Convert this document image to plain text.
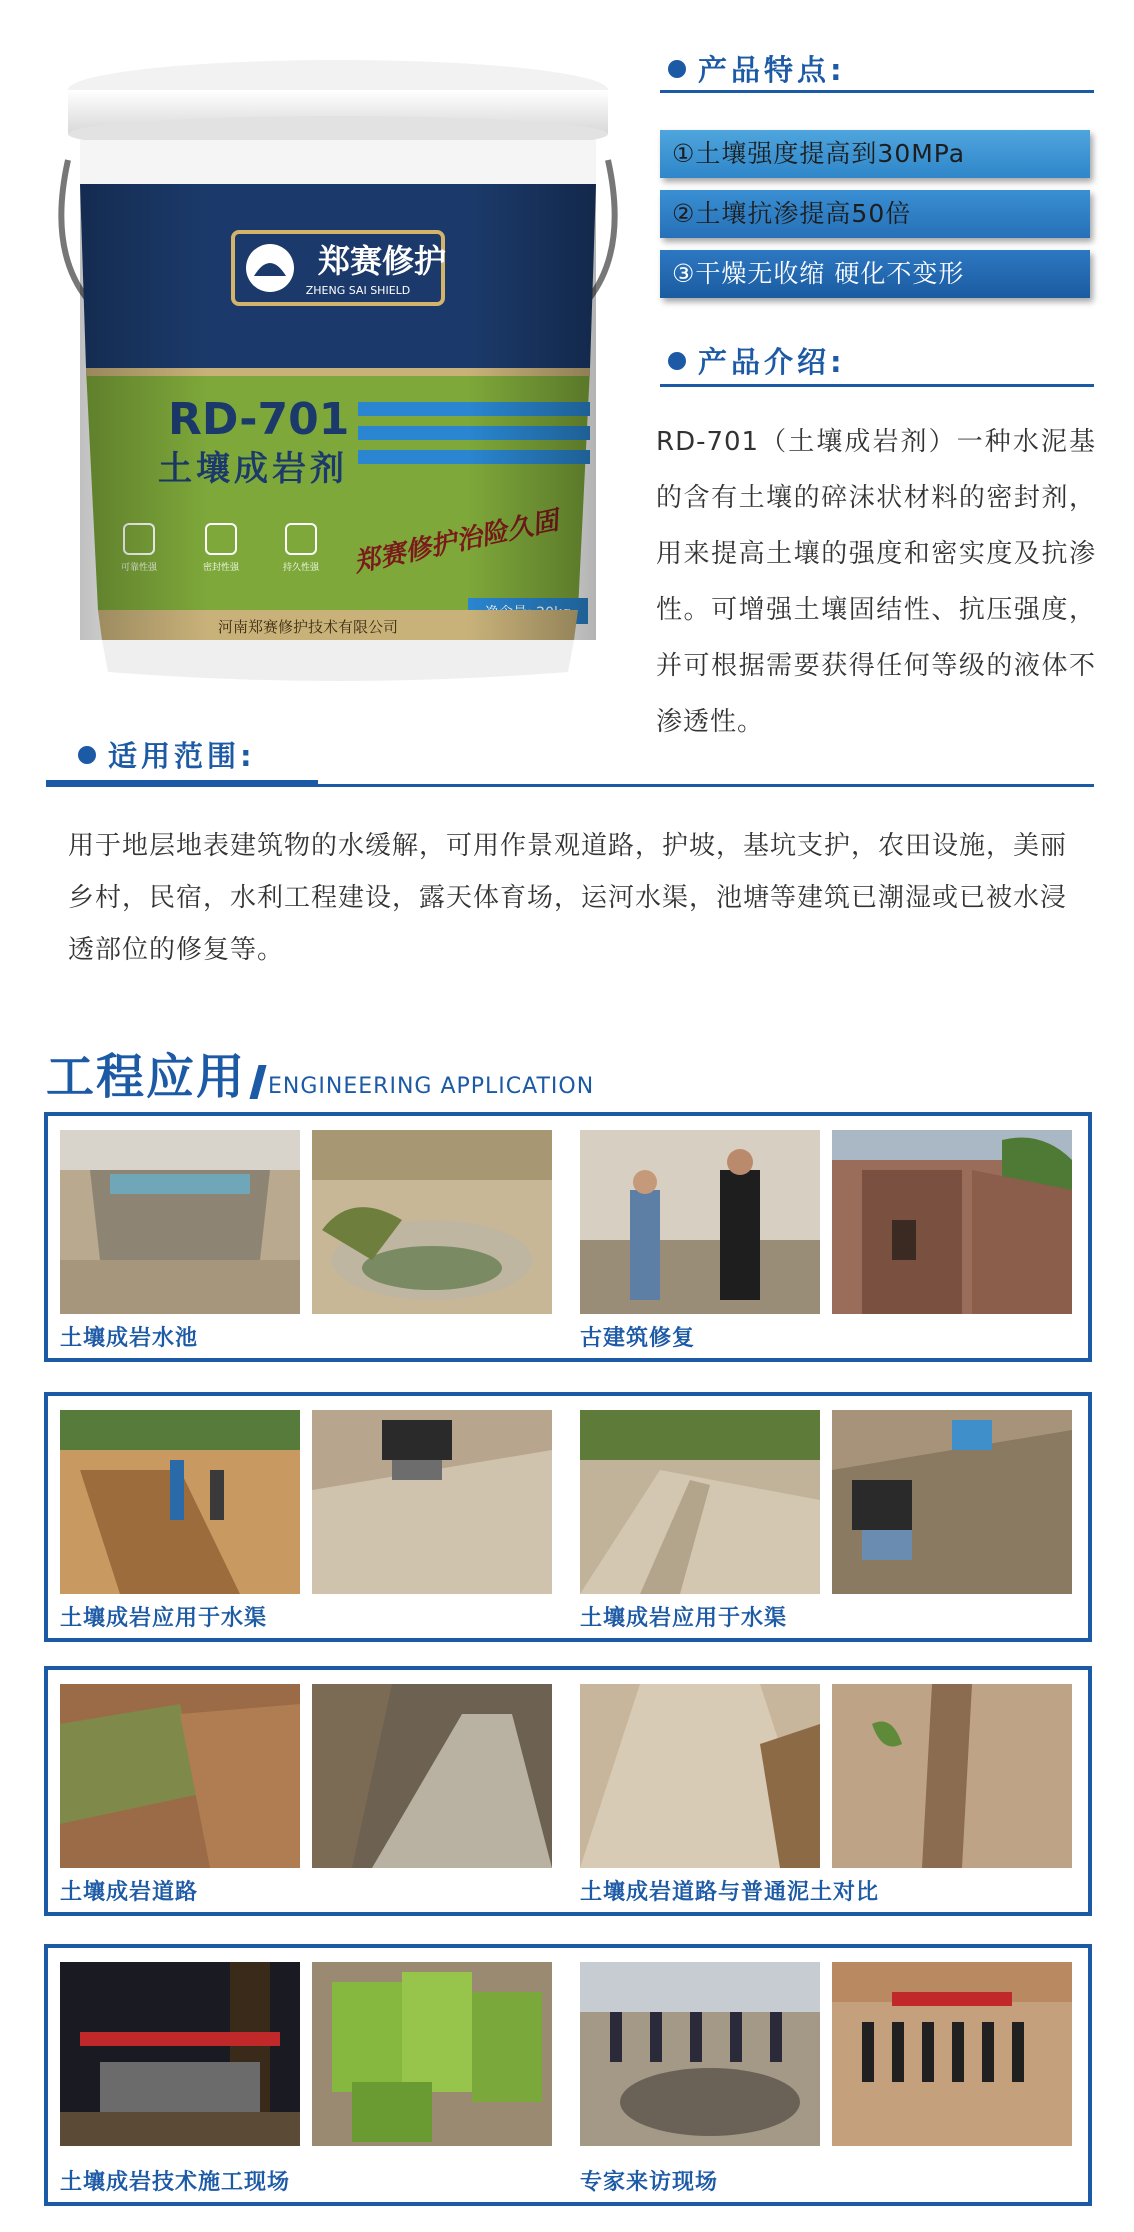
产品特点:
①土壤强度提高到30MPa
②土壤抗渗提高50倍
③干燥无收缩 硬化不变形
产品介绍:
RD-701（土壤成岩剂）一种水泥基的含有土壤的碎沫状材料的密封剂，用来提高土壤的强度和密实度及抗渗性。可增强土壤固结性、抗压强度，并可根据需要获得任何等级的液体不渗透性。
适用范围:
用于地层地表建筑物的水缓解，可用作景观道路，护坡，基坑支护，农田设施，美丽乡村，民宿，水利工程建设，露天体育场，运河水渠，池塘等建筑已潮湿或已被水浸透部位的修复等。
工程应用 ENGINEERING APPLICATION
土壤成岩水池	古建筑修复
土壤成岩应用于水渠	土壤成岩应用于水渠
土壤成岩道路	土壤成岩道路与普通泥土对比
土壤成岩技术施工现场	专家来访现场
